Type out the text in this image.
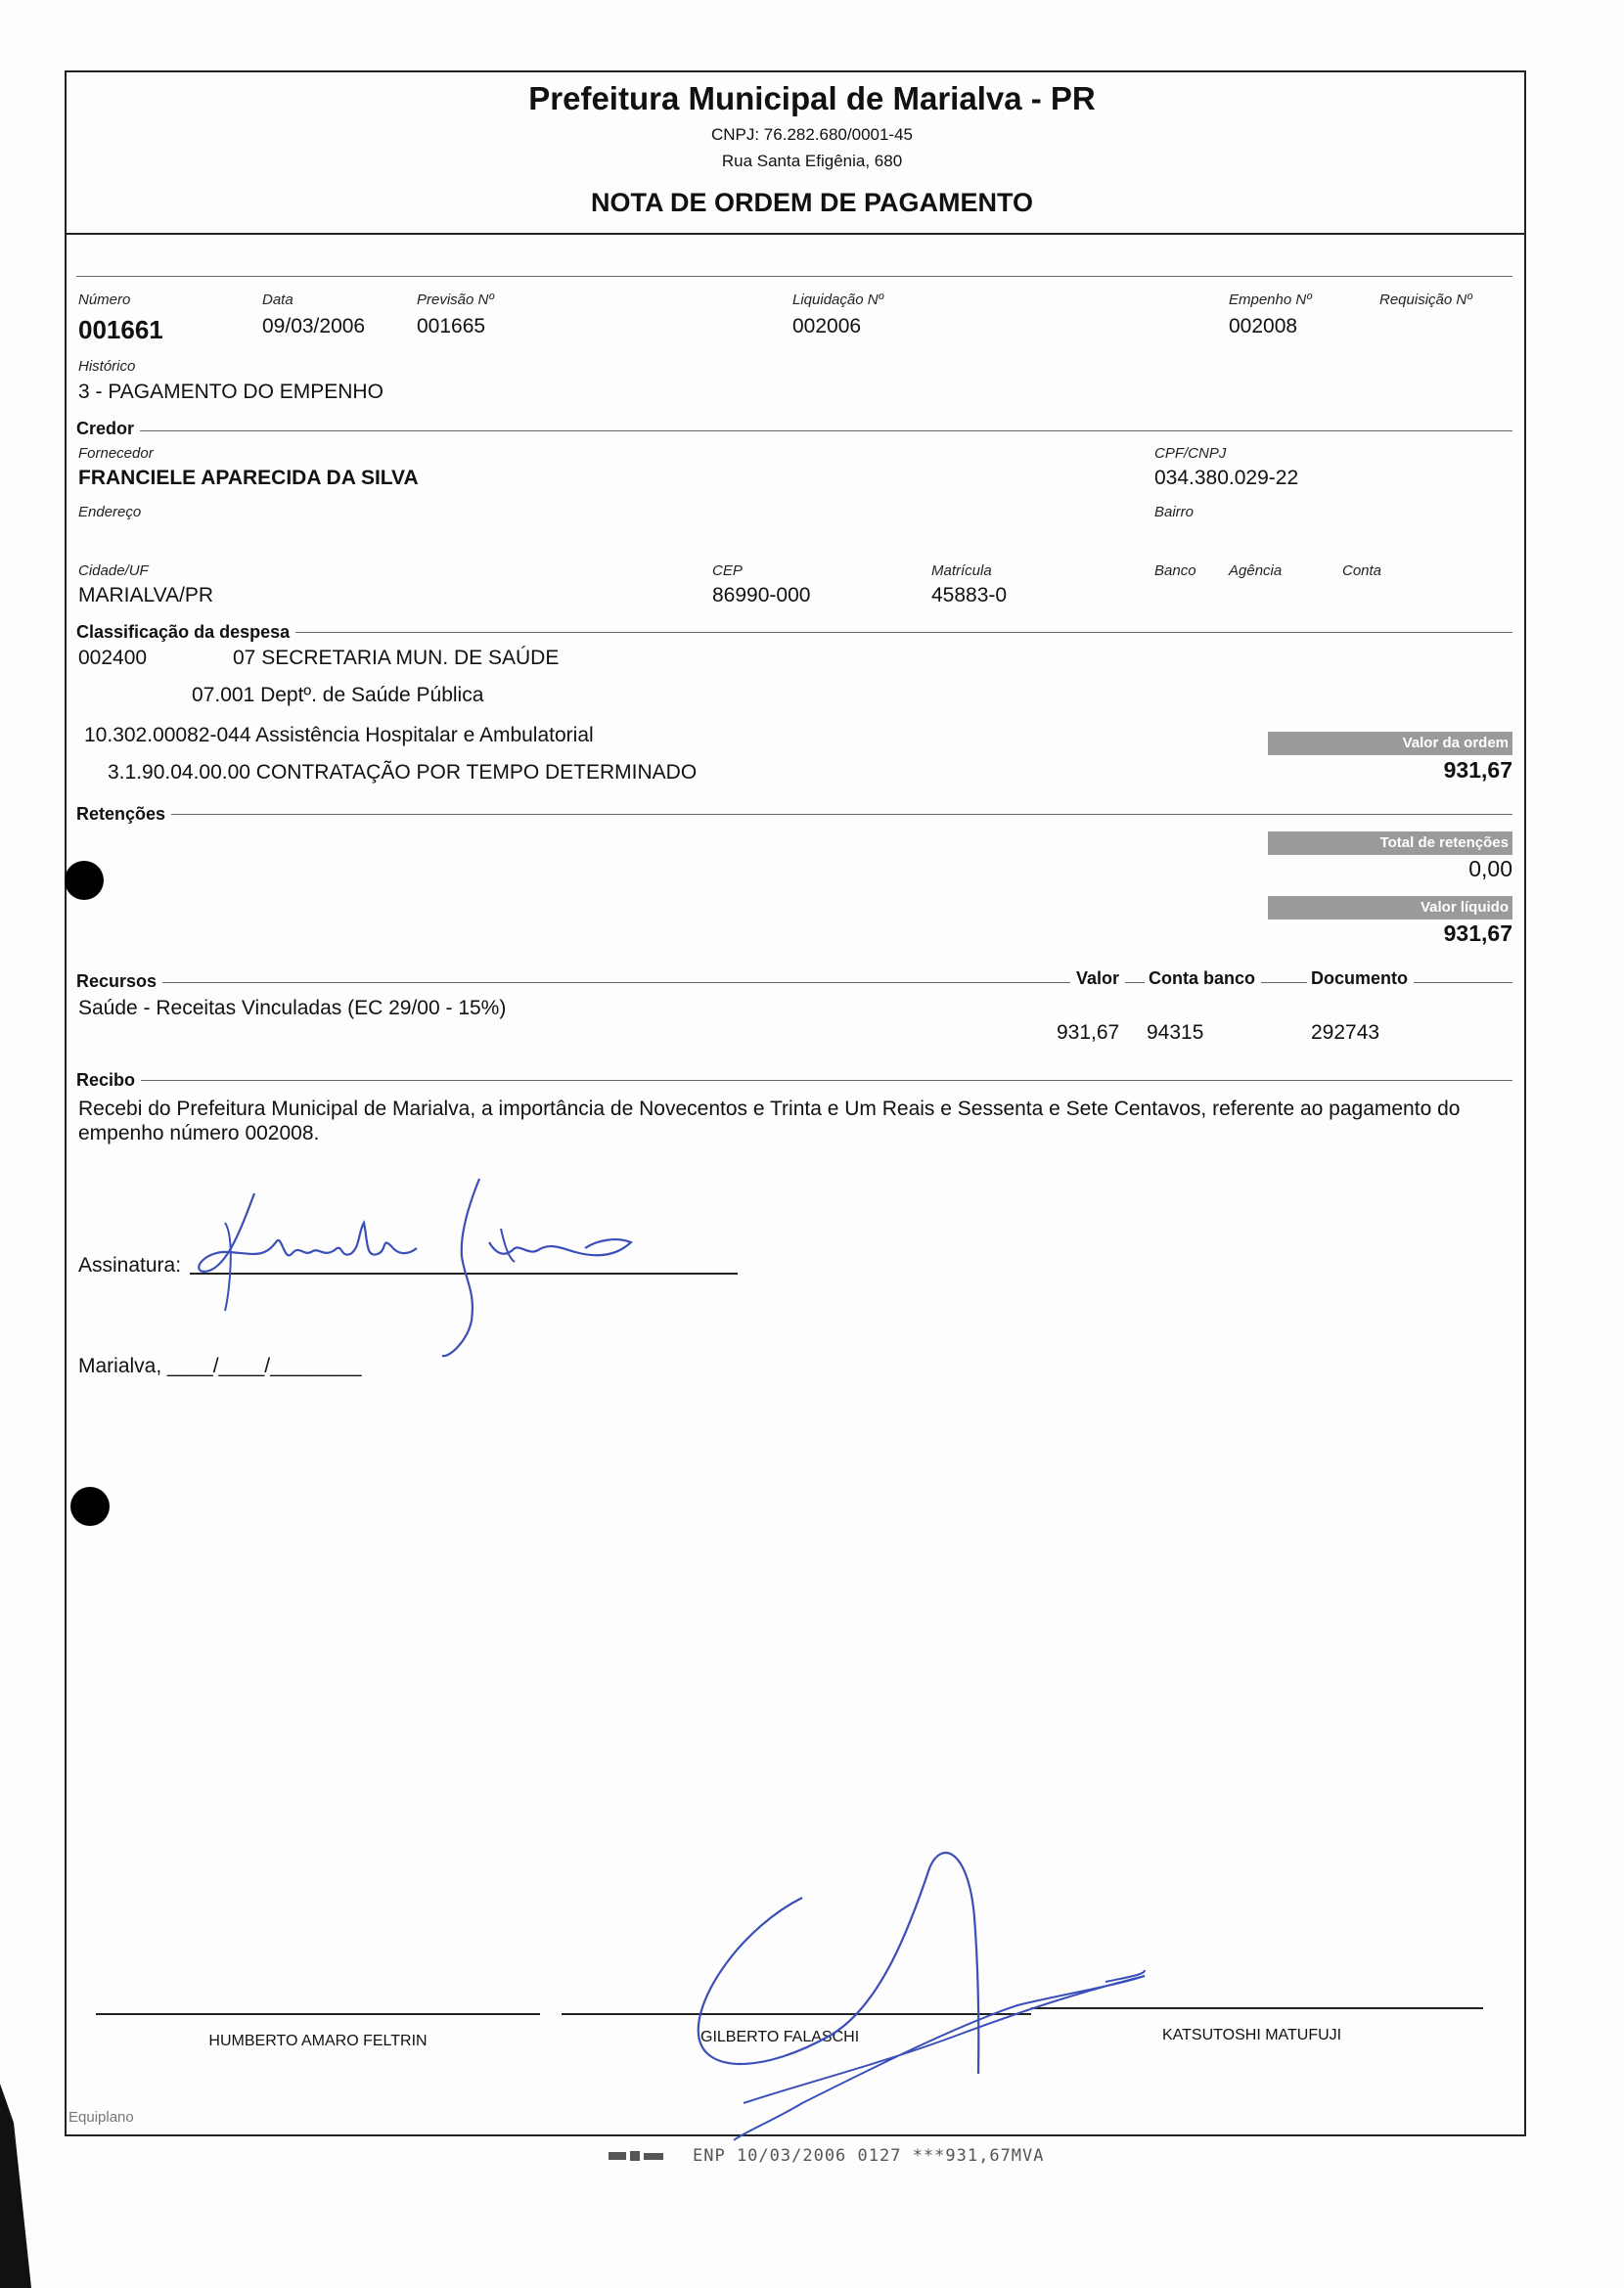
Prefeitura Municipal de Marialva - PR
CNPJ: 76.282.680/0001-45
Rua Santa Efigênia, 680
NOTA DE ORDEM DE PAGAMENTO
Número
001661
Data
09/03/2006
Previsão Nº
001665
Liquidação Nº
002006
Empenho Nº
002008
Requisição Nº
Histórico
3 - PAGAMENTO DO EMPENHO
Credor
Fornecedor
FRANCIELE APARECIDA DA SILVA
CPF/CNPJ
034.380.029-22
Endereço	Bairro
Cidade/UF
MARIALVA/PR
CEP
86990-000
Matrícula
45883-0
Banco Agência	Conta
Classificação da despesa
002400	07 SECRETARIA MUN. DE SAÚDE
07.001 Deptº. de Saúde Pública
10.302.00082-044 Assistência Hospitalar e Ambulatorial
3.1.90.04.00.00 CONTRATAÇÃO POR TEMPO DETERMINADO
Valor da ordem
931,67
Retenções
Total de retenções
0,00
Valor líquido
931,67
Recursos	Valor	Conta banco	Documento
Saúde - Receitas Vinculadas (EC 29/00 - 15%)
931,67 94315	292743
Recibo
Recebi do Prefeitura Municipal de Marialva, a importância de Novecentos e Trinta e Um Reais e Sessenta e Sete Centavos, referente ao pagamento do empenho número 002008.
Assinatura:
Marialva, ____/____/________
HUMBERTO AMARO FELTRIN	GILBERTO FALASCHI	KATSUTOSHI MATUFUJI
Equiplano
ENP 10/03/2006 0127 ***931,67MVA
